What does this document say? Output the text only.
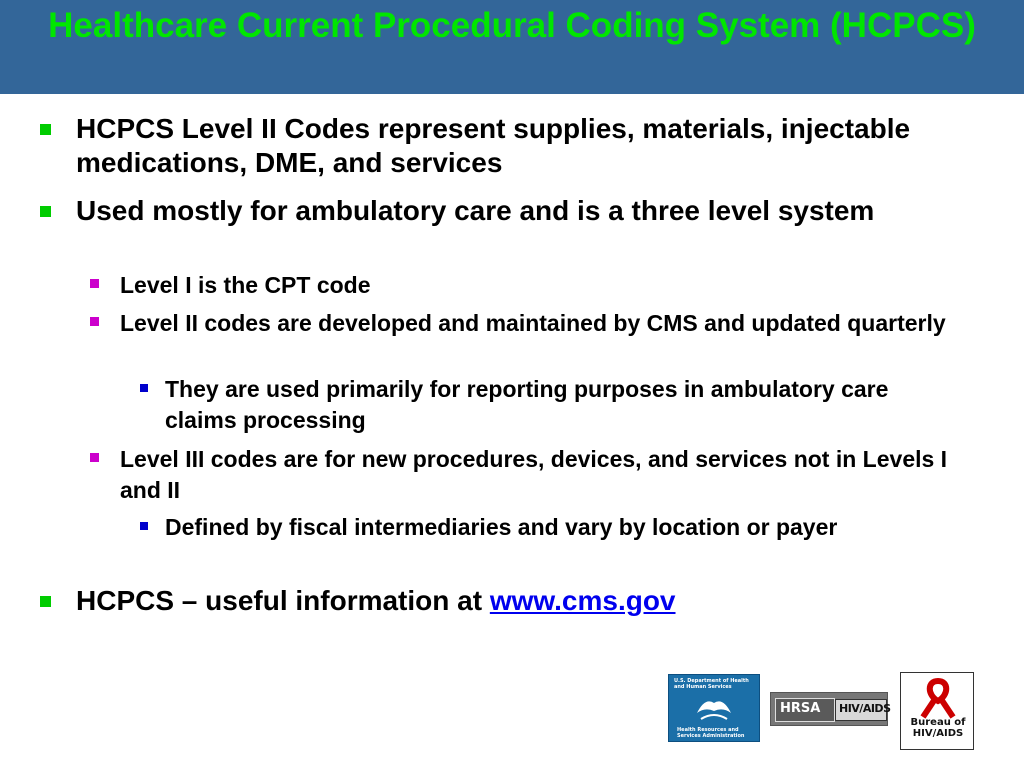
Healthcare Current Procedural Coding System (HCPCS)
HCPCS Level II Codes represent supplies, materials, injectable medications, DME, and services
Used mostly for ambulatory care and is a three level system
Level I is the CPT code
Level II codes are developed and maintained by CMS and updated quarterly
They are used primarily for reporting purposes in ambulatory care claims processing
Level III codes are for new procedures, devices, and services not in Levels I and II
Defined by fiscal intermediaries and vary by location or payer
HCPCS – useful information at www.cms.gov
U.S. Department of Health
and Human Services
Health Resources and
Services Administration
HRSA HIV/AIDS
Bureau of
HIV/AIDS
